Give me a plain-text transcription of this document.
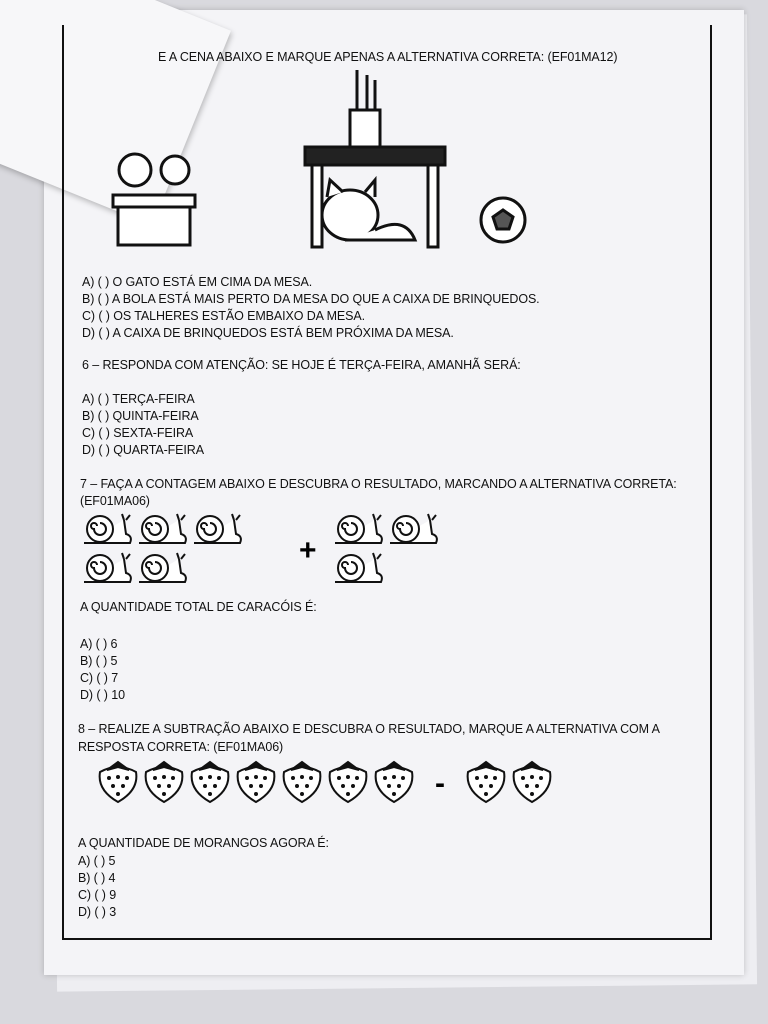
E A CENA ABAIXO E MARQUE APENAS A ALTERNATIVA CORRETA: (EF01MA12)
A) ( ) O GATO ESTÁ EM CIMA DA MESA.
B) ( ) A BOLA ESTÁ MAIS PERTO DA MESA DO QUE A CAIXA DE BRINQUEDOS.
C) ( ) OS TALHERES ESTÃO EMBAIXO DA MESA.
D) ( ) A CAIXA DE BRINQUEDOS ESTÁ BEM PRÓXIMA DA MESA.
6 – RESPONDA COM ATENÇÃO: SE HOJE É TERÇA-FEIRA, AMANHÃ SERÁ:
A) ( ) TERÇA-FEIRA
B) ( ) QUINTA-FEIRA
C) ( ) SEXTA-FEIRA
D) ( ) QUARTA-FEIRA
7 – FAÇA A CONTAGEM ABAIXO E DESCUBRA O RESULTADO, MARCANDO A ALTERNATIVA CORRETA:
(EF01MA06)
+
A QUANTIDADE TOTAL DE CARACÓIS É:
A) ( ) 6
B) ( ) 5
C) ( ) 7
D) ( ) 10
8 – REALIZE A SUBTRAÇÃO ABAIXO E DESCUBRA O RESULTADO, MARQUE A ALTERNATIVA COM A
RESPOSTA CORRETA: (EF01MA06)
-
A QUANTIDADE DE MORANGOS AGORA É:
A) ( ) 5
B) ( ) 4
C) ( ) 9
D) ( ) 3
